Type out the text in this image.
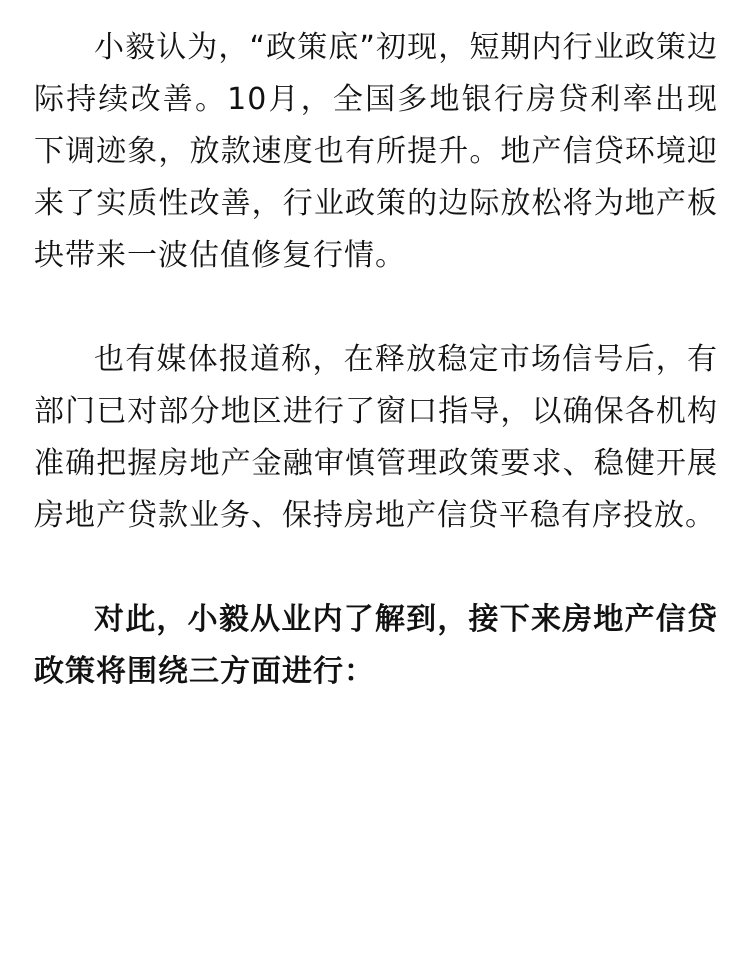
小毅认为，“政策底”初现，短期内行业政策边际持续改善。10月，全国多地银行房贷利率出现下调迹象，放款速度也有所提升。地产信贷环境迎来了实质性改善，行业政策的边际放松将为地产板块带来一波估值修复行情。

也有媒体报道称，在释放稳定市场信号后，有部门已对部分地区进行了窗口指导，以确保各机构准确把握房地产金融审慎管理政策要求、稳健开展房地产贷款业务、保持房地产信贷平稳有序投放。

对此，小毅从业内了解到，接下来房地产信贷政策将围绕三方面进行：
